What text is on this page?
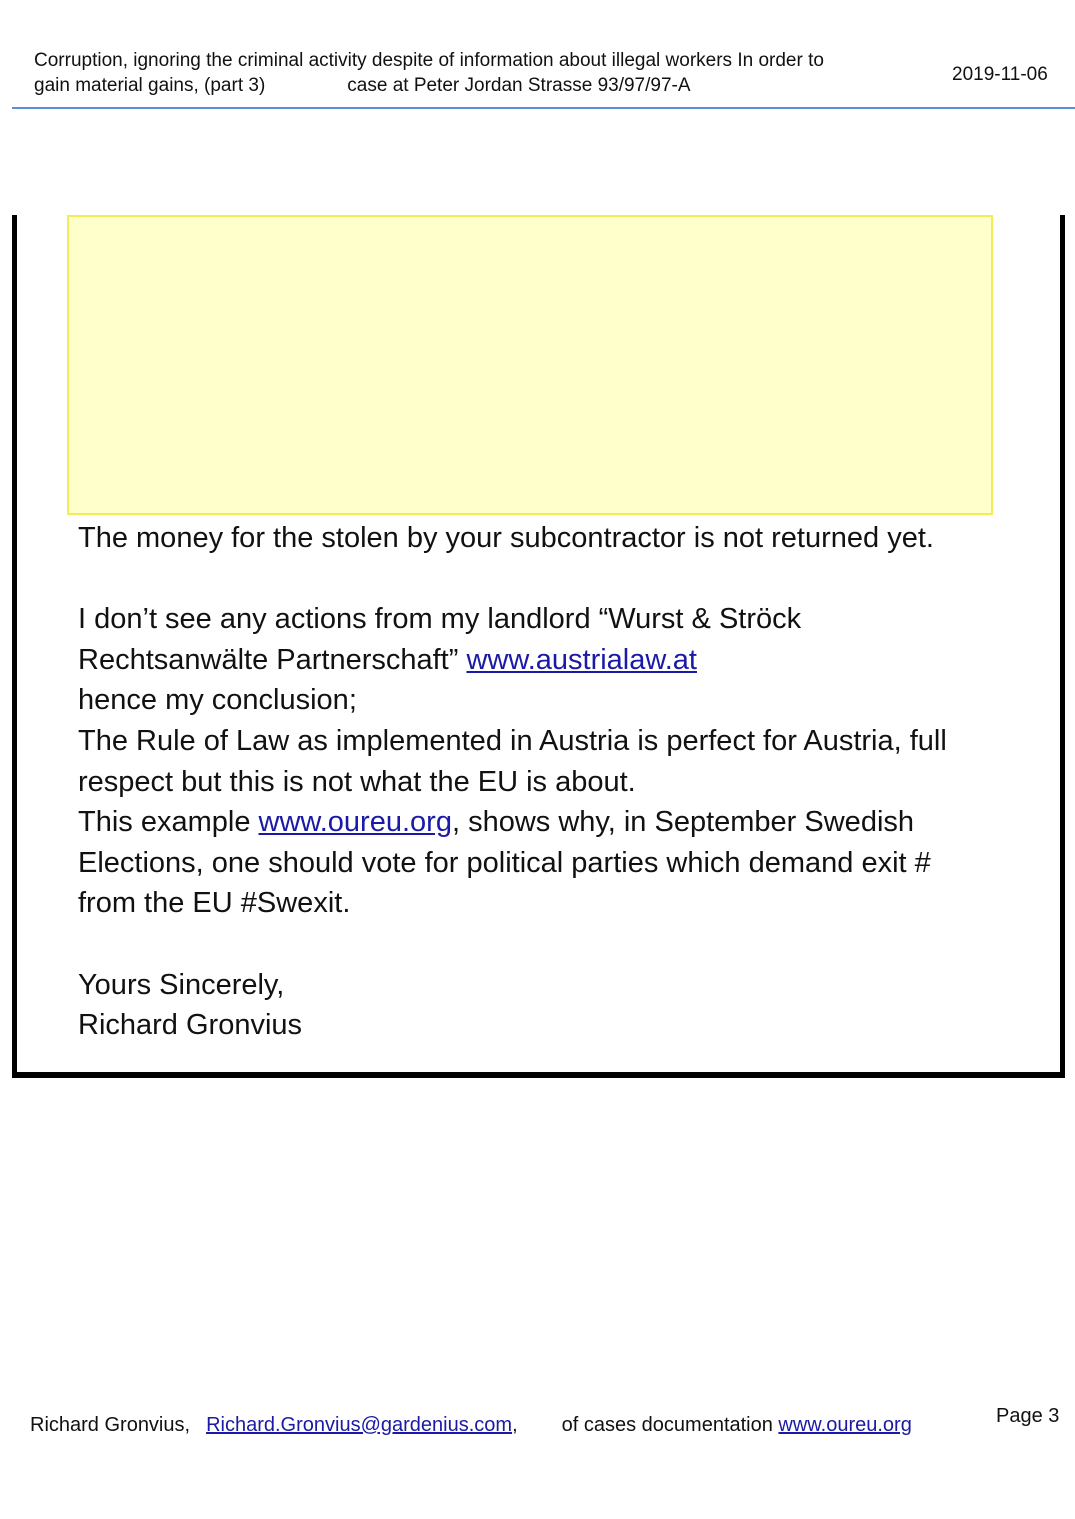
Corruption, ignoring the criminal activity despite of information about illegal workers In order to
gain material gains, (part 3)	case at Peter Jordan Strasse 93/97/97-A
2019-11-06

The money for the stolen by your subcontractor is not returned yet.

I don’t see any actions from my landlord “Wurst & Ströck

Rechtsanwälte Partnerschaft” www.austrialaw.at

hence my conclusion;

The Rule of Law as implemented in Austria is perfect for Austria, full

respect but this is not what the EU is about.

This example www.oureu.org, shows why, in September Swedish

Elections, one should vote for political parties which demand exit #

from the EU #Swexit.

Yours Sincerely,

Richard Gronvius

Richard Gronvius, Richard.Gronvius@gardenius.com, of cases documentation www.oureu.org	Page 3
